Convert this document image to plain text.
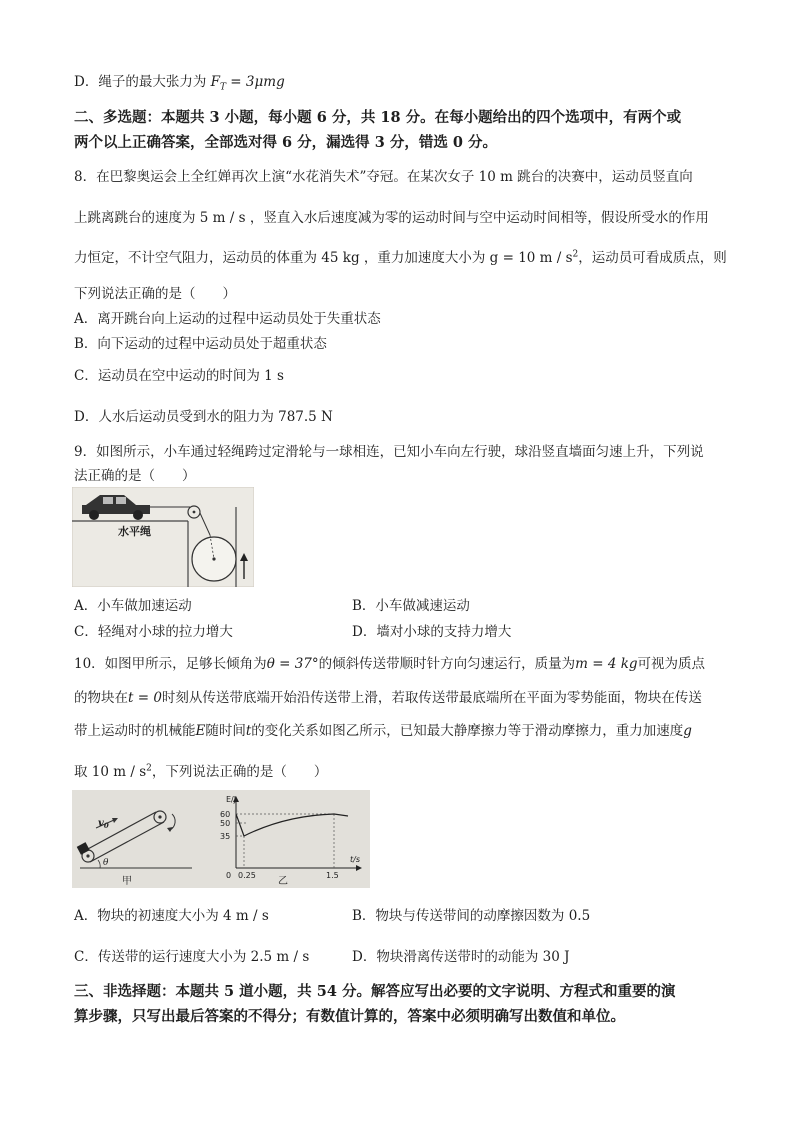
D．绳子的最大张力为 $F_T = 3\mu mg$
二、多选题：本题共 3 小题，每小题 6 分，共 18 分。在每小题给出的四个选项中，有两个或
两个以上正确答案，全部选对得 6 分，漏选得 3 分，错选 0 分。
8．在巴黎奥运会上全红婵再次上演“水花消失术”夺冠。在某次女子 10 m 跳台的决赛中，运动员竖直向
上跳离跳台的速度为 5 m / s ，竖直入水后速度减为零的运动时间与空中运动时间相等，假设所受水的作用
力恒定，不计空气阻力，运动员的体重为 45 kg ，重力加速度大小为 g = 10 m / $s^2$，运动员可看成质点，则
下列说法正确的是（　　）
A．离开跳台向上运动的过程中运动员处于失重状态
B．向下运动的过程中运动员处于超重状态
C．运动员在空中运动的时间为 1 s
D．人水后运动员受到水的阻力为 787.5 N
9．如图所示，小车通过轻绳跨过定滑轮与一球相连，已知小车向左行驶，球沿竖直墙面匀速上升，下列说
法正确的是（　　）
水平绳
A．小车做加速运动	B．小车做减速运动
C．轻绳对小球的拉力增大	D．墙对小球的支持力增大
10．如图甲所示，足够长倾角为θ = 37°的倾斜传送带顺时针方向匀速运行，质量为m = 4 kg可视为质点
的物块在t = 0时刻从传送带底端开始沿传送带上滑，若取传送带最底端所在平面为零势能面，物块在传送
带上运动时的机械能E随时间t的变化关系如图乙所示，已知最大静摩擦力等于滑动摩擦力，重力加速度g
取 10 m / $s^2$，下列说法正确的是（　　）
$v_0$
θ
甲
E/J
t/s
60
50
35
0 0.25	1.5
乙
A．物块的初速度大小为 4 m / s	B．物块与传送带间的动摩擦因数为 0.5
C．传送带的运行速度大小为 2.5 m / s	D．物块滑离传送带时的动能为 30 J
三、非选择题：本题共 5 道小题，共 54 分。解答应写出必要的文字说明、方程式和重要的演
算步骤，只写出最后答案的不得分；有数值计算的，答案中必须明确写出数值和单位。
